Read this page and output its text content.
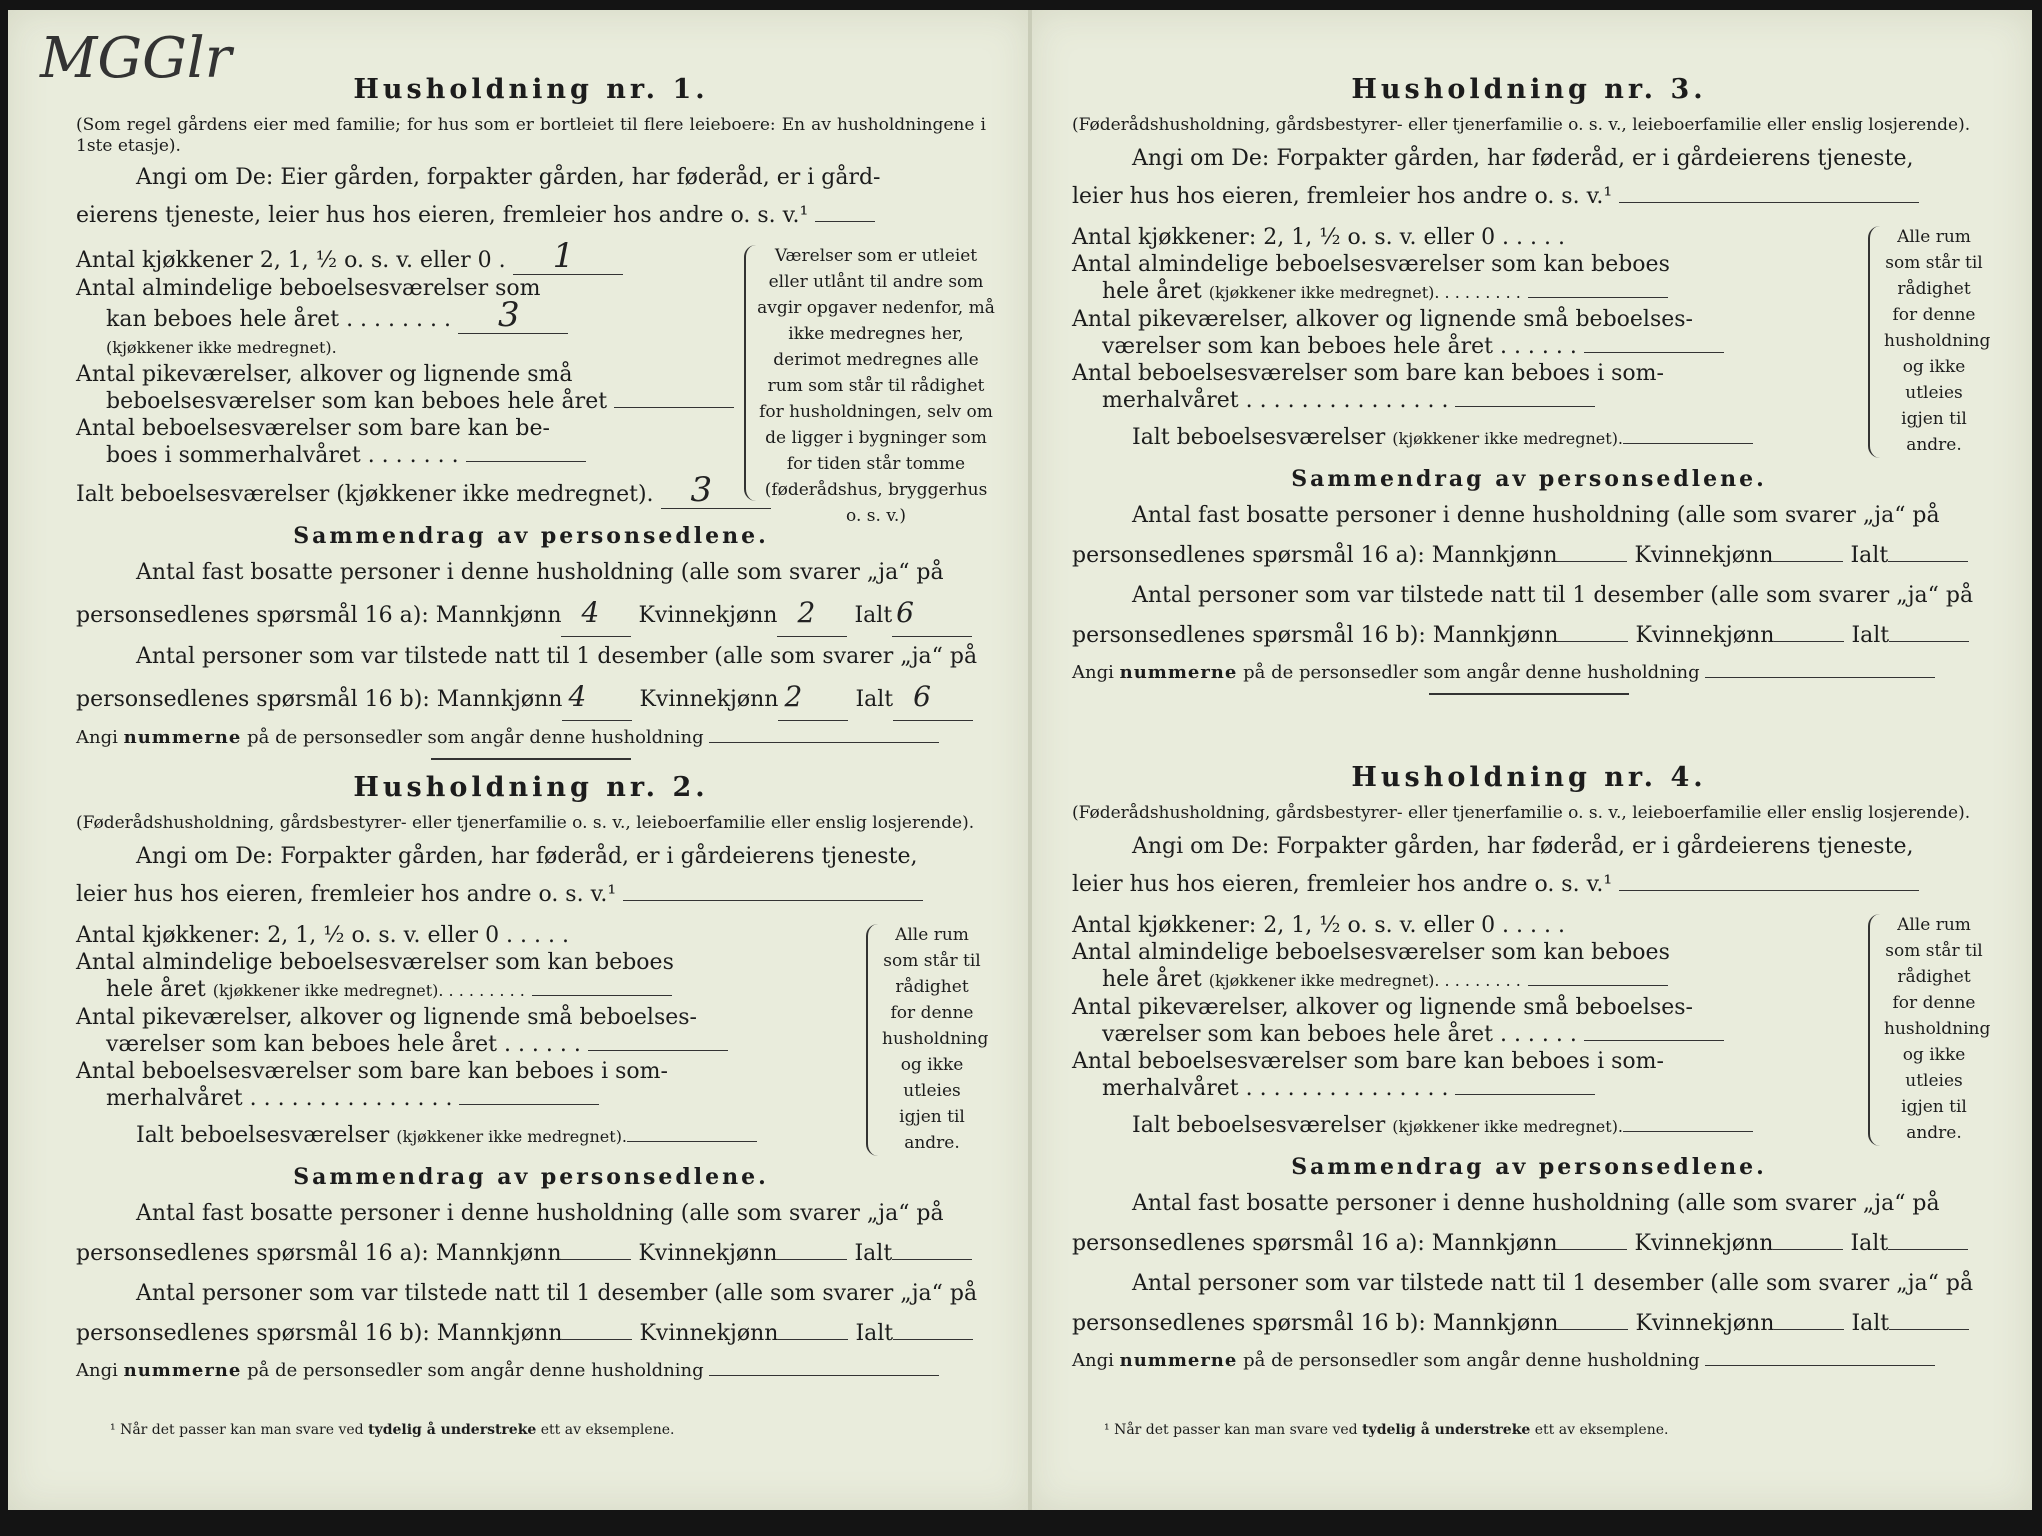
MGGlr	Husholdning nr. 1.

(Som regel gårdens eier med familie; for hus som er bortleiet til flere leieboere: En av husholdningene i 1ste etasje).

Angi om De: Eier gården, forpakter gården, har føderåd, er i gård-

eierens tjeneste, leier hus hos eieren, fremleier hos andre o. s. v.¹

Antal kjøkkener 2, 1, ½ o. s. v. eller 0 . 1

Antal almindelige beboelsesværelser som

kan beboes hele året . . . . . . . . 3

(kjøkkener ikke medregnet).

Antal pikeværelser, alkover og lignende små

beboelsesværelser som kan beboes hele året

Antal beboelsesværelser som bare kan be-

boes i sommerhalvåret . . . . . . .

Ialt beboelsesværelser (kjøkkener ikke medregnet). 3

Værelser som er utleiet eller utlånt til andre som avgir opgaver nedenfor, må ikke medregnes her, derimot medregnes alle rum som står til rådighet for husholdningen, selv om de ligger i bygninger som for tiden står tomme (føderådshus, bryggerhus o. s. v.)
Sammendrag av personsedlene.

Antal fast bosatte personer i denne husholdning (alle som svarer „ja“ på

personsedlenes spørsmål 16 a): Mannkjønn 4 Kvinnekjønn 2 Ialt 6

Antal personer som var tilstede natt til 1 desember (alle som svarer „ja“ på

personsedlenes spørsmål 16 b): Mannkjønn 4 Kvinnekjønn 2 Ialt 6

Angi nummerne på de personsedler som angår denne husholdning

Husholdning nr. 2.

(Føderådshusholdning, gårdsbestyrer- eller tjenerfamilie o. s. v., leieboerfamilie eller enslig losjerende).

Angi om De: Forpakter gården, har føderåd, er i gårdeierens tjeneste,

leier hus hos eieren, fremleier hos andre o. s. v.¹

Antal kjøkkener: 2, 1, ½ o. s. v. eller 0 . . . . .

Antal almindelige beboelsesværelser som kan beboes

hele året (kjøkkener ikke medregnet). . . . . . . . .

Antal pikeværelser, alkover og lignende små beboelses-

værelser som kan beboes hele året . . . . . .

Antal beboelsesværelser som bare kan beboes i som-

merhalvåret . . . . . . . . . . . . . . .

Ialt beboelsesværelser (kjøkkener ikke medregnet).

Alle rum som står til rådighet for denne husholdning og ikke utleies igjen til andre.
Sammendrag av personsedlene.

Antal fast bosatte personer i denne husholdning (alle som svarer „ja“ på

personsedlenes spørsmål 16 a): Mannkjønn	Kvinnekjønn	Ialt

Antal personer som var tilstede natt til 1 desember (alle som svarer „ja“ på

personsedlenes spørsmål 16 b): Mannkjønn	Kvinnekjønn	Ialt

Angi nummerne på de personsedler som angår denne husholdning

¹ Når det passer kan man svare ved tydelig å understreke ett av eksemplene.
Husholdning nr. 3.

(Føderådshusholdning, gårdsbestyrer- eller tjenerfamilie o. s. v., leieboerfamilie eller enslig losjerende).

Angi om De: Forpakter gården, har føderåd, er i gårdeierens tjeneste,

leier hus hos eieren, fremleier hos andre o. s. v.¹

Antal kjøkkener: 2, 1, ½ o. s. v. eller 0 . . . . .

Antal almindelige beboelsesværelser som kan beboes

hele året (kjøkkener ikke medregnet). . . . . . . . .

Antal pikeværelser, alkover og lignende små beboelses-

værelser som kan beboes hele året . . . . . .

Antal beboelsesværelser som bare kan beboes i som-

merhalvåret . . . . . . . . . . . . . . .

Ialt beboelsesværelser (kjøkkener ikke medregnet).

Alle rum som står til rådighet for denne husholdning og ikke utleies igjen til andre.
Sammendrag av personsedlene.

Antal fast bosatte personer i denne husholdning (alle som svarer „ja“ på

personsedlenes spørsmål 16 a): Mannkjønn	Kvinnekjønn	Ialt

Antal personer som var tilstede natt til 1 desember (alle som svarer „ja“ på

personsedlenes spørsmål 16 b): Mannkjønn	Kvinnekjønn	Ialt

Angi nummerne på de personsedler som angår denne husholdning

Husholdning nr. 4.

(Føderådshusholdning, gårdsbestyrer- eller tjenerfamilie o. s. v., leieboerfamilie eller enslig losjerende).

Angi om De: Forpakter gården, har føderåd, er i gårdeierens tjeneste,

leier hus hos eieren, fremleier hos andre o. s. v.¹

Antal kjøkkener: 2, 1, ½ o. s. v. eller 0 . . . . .

Antal almindelige beboelsesværelser som kan beboes

hele året (kjøkkener ikke medregnet). . . . . . . . .

Antal pikeværelser, alkover og lignende små beboelses-

værelser som kan beboes hele året . . . . . .

Antal beboelsesværelser som bare kan beboes i som-

merhalvåret . . . . . . . . . . . . . . .

Ialt beboelsesværelser (kjøkkener ikke medregnet).

Alle rum som står til rådighet for denne husholdning og ikke utleies igjen til andre.
Sammendrag av personsedlene.

Antal fast bosatte personer i denne husholdning (alle som svarer „ja“ på

personsedlenes spørsmål 16 a): Mannkjønn	Kvinnekjønn	Ialt

Antal personer som var tilstede natt til 1 desember (alle som svarer „ja“ på

personsedlenes spørsmål 16 b): Mannkjønn	Kvinnekjønn	Ialt

Angi nummerne på de personsedler som angår denne husholdning

¹ Når det passer kan man svare ved tydelig å understreke ett av eksemplene.
